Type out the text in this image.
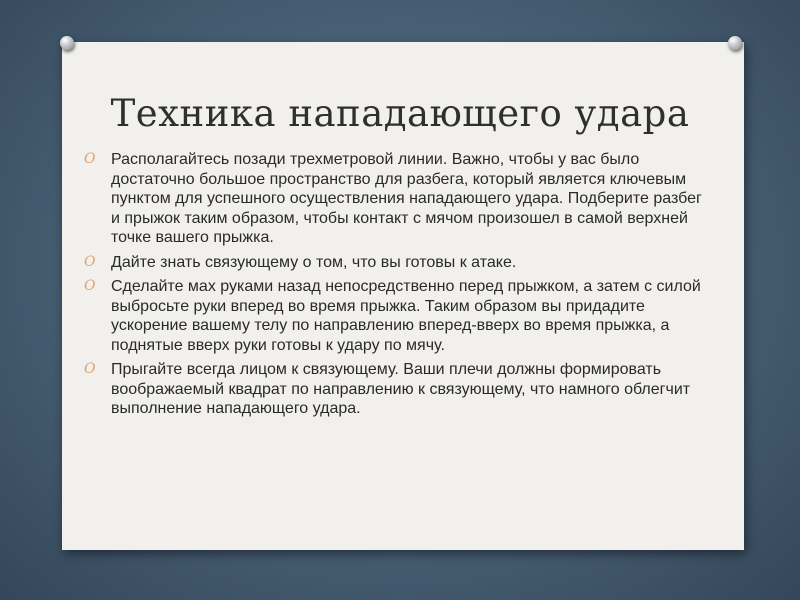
Техника нападающего удара
O Располагайтесь позади трехметровой линии. Важно, чтобы у вас было достаточно большое пространство для разбега, который является ключевым пунктом для успешного осуществления нападающего удара. Подберите разбег и прыжок таким образом, чтобы контакт с мячом произошел в самой верхней точке вашего прыжка.
O Дайте знать связующему о том, что вы готовы к атаке.
O Сделайте мах руками назад непосредственно перед прыжком, а затем с силой выбросьте руки вперед во время прыжка. Таким образом вы придадите ускорение вашему телу по направлению вперед-вверх во время прыжка, а поднятые вверх руки готовы к удару по мячу.
O Прыгайте всегда лицом к связующему. Ваши плечи должны формировать воображаемый квадрат по направлению к связующему, что намного облегчит выполнение нападающего удара.
